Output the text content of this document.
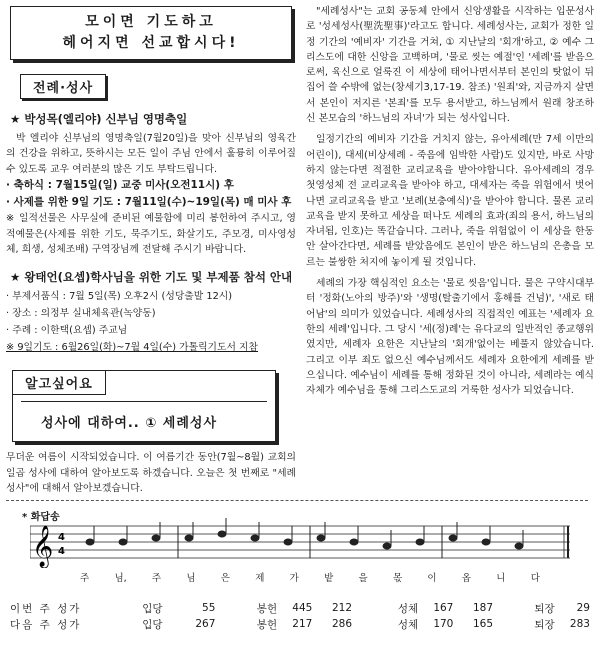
모이면 기도하고
헤어지면 선교합시다!
전례·성사
★ 박성목(엘리야) 신부님 영명축일
박 엘리야 신부님의 영명축일(7월20일)을 맞아 신부님의 영육간의 건강을 위하고, 뜻하시는 모든 일이 주님 안에서 훌륭히 이루어질 수 있도록 교우 여러분의 많은 기도 부탁드립니다.
· 축하식 : 7월15일(일) 교중 미사(오전11시) 후
· 사제를 위한 9일 기도 : 7월11일(수)~19일(목) 매 미사 후
※ 일적선물은 사무실에 준비된 예물함에 미리 봉헌하여 주시고, 영적예물은(사제를 위한 기도, 묵주기도, 화살기도, 주모경, 미사영성체, 희생, 성체조배) 구역장님께 전달해 주시기 바랍니다.
★ 왕태언(요셉)학사님을 위한 기도 및 부제품 참석 안내
· 부제서품식 : 7월 5일(목) 오후2시 (성당출발 12시)
· 장소 : 의정부 실내체육관(녹양동)
· 주례 : 이한택(요셉) 주교님
※ 9일기도 : 6월26일(화)~7월 4일(수) 가톨릭기도서 지참
알고싶어요
성사에 대하여.. ① 세례성사
무더운 여름이 시작되었습니다. 이 여름기간 동안(7월~8월) 교회의 일곱 성사에 대하여 알아보도록 하겠습니다. 오늘은 첫 번째로 "세례성사"에 대해서 알아보겠습니다.
"세례성사"는 교회 공동체 안에서 신앙생활을 시작하는 입문성사로 '성세성사(聖洗聖事)'라고도 합니다. 세례성사는, 교회가 정한 일정 기간의 '예비자' 기간을 거쳐, ① 지난날의 '회개'하고, ② 예수 그리스도에 대한 신앙을 고백하며, '물로 씻는 예절'인 '세례'를 받음으로써, 육신으로 얼룩진 이 세상에 태어나면서부터 본인의 탓없이 뒤집어 쓸 수밖에 없는(창세기3,17-19. 참조) '원죄'와, 지금까지 살면서 본인이 저지른 '본죄'를 모두 용서받고, 하느님께서 원래 창조하신 본모습의 '하느님의 자녀'가 되는 성사입니다.
일정기간의 예비자 기간을 거치지 않는, 유아세례(만 7세 이만의 어린이), 대세(비상세례 - 죽음에 임박한 사람)도 있지만, 바로 사망하지 않는다면 적절한 교리교육을 받아야합니다. 유아세례의 경우 첫영성체 전 교리교육을 받아야 하고, 대세자는 죽을 위험에서 벗어나면 교리교육을 받고 '보례(보충예식)'을 받아야 합니다. 물론 교리교육을 받지 못하고 세상을 떠나도 세례의 효과(죄의 용서, 하느님의 자녀됨, 인호)는 똑같습니다. 그러나, 죽을 위험없이 이 세상을 한동안 살아간다면, 세례를 받았음에도 본인이 받은 하느님의 은총을 모르는 불쌍한 처지에 놓이게 될 것입니다.
세례의 가장 핵심적인 요소는 '물로 씻음'입니다. 물은 구약시대부터 '정화(노아의 방주)'와 '생명(탈출기에서 홍해를 건넘)', '새로 태어남'의 의미가 있었습니다. 세례성사의 직접적인 예표는 '세례자 요한의 세례'입니다. 그 당시 '세(정)례'는 유다교의 일반적인 종교행위였지만, 세례자 요한은 지난날의 '회개'없이는 베풀지 않았습니다. 그리고 이부 죄도 없으신 예수님께서도 세례자 요한에게 세례를 받으십니다. 예수님이 세례를 통해 정화된 것이 아니라, 세례라는 예식자체가 예수님을 통해 그리스도교의 거룩한 성사가 되었습니다.
* 화답송
𝄞 4
4
주	님,	주	님	은	제	가	밭	을	몫	이	옵	니	다
이번 주 성가	입당	55	봉헌	445	212	성체	167	187	퇴장	29
다음 주 성가	입당	267	봉헌	217	286	성체	170	165	퇴장	283
